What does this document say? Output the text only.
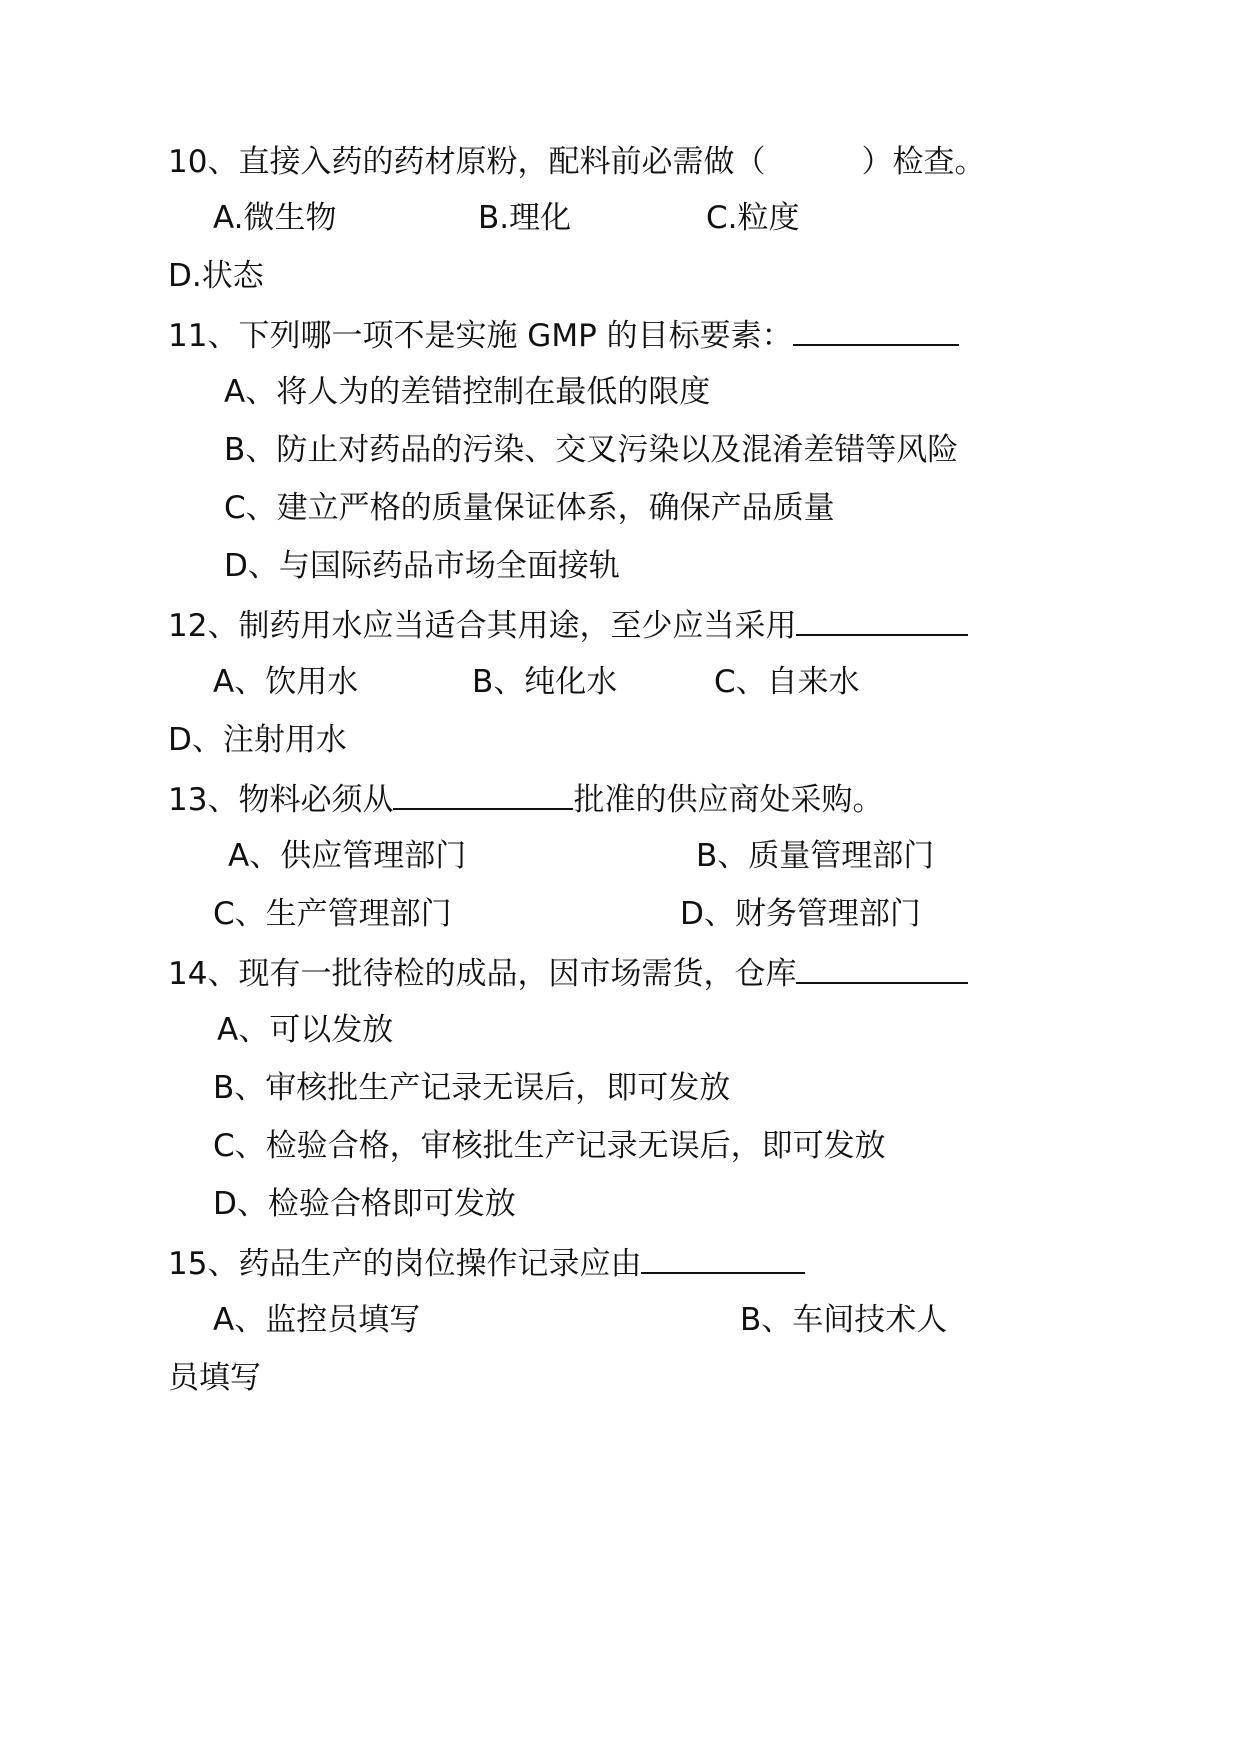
10、直接入药的药材原粉，配料前必需做（	）检查。
A.微生物	B.理化	C.粒度
D.状态
11、下列哪一项不是实施 GMP 的目标要素：
A、将人为的差错控制在最低的限度
B、防止对药品的污染、交叉污染以及混淆差错等风险
C、建立严格的质量保证体系，确保产品质量
D、与国际药品市场全面接轨
12、制药用水应当适合其用途，至少应当采用
A、饮用水	B、纯化水	C、自来水
D、注射用水
13、物料必须从	批准的供应商处采购。
A、供应管理部门	B、质量管理部门
C、生产管理部门	D、财务管理部门
14、现有一批待检的成品，因市场需货，仓库
A、可以发放
B、审核批生产记录无误后，即可发放
C、检验合格，审核批生产记录无误后，即可发放
D、检验合格即可发放
15、药品生产的岗位操作记录应由
A、监控员填写	B、车间技术人
员填写
